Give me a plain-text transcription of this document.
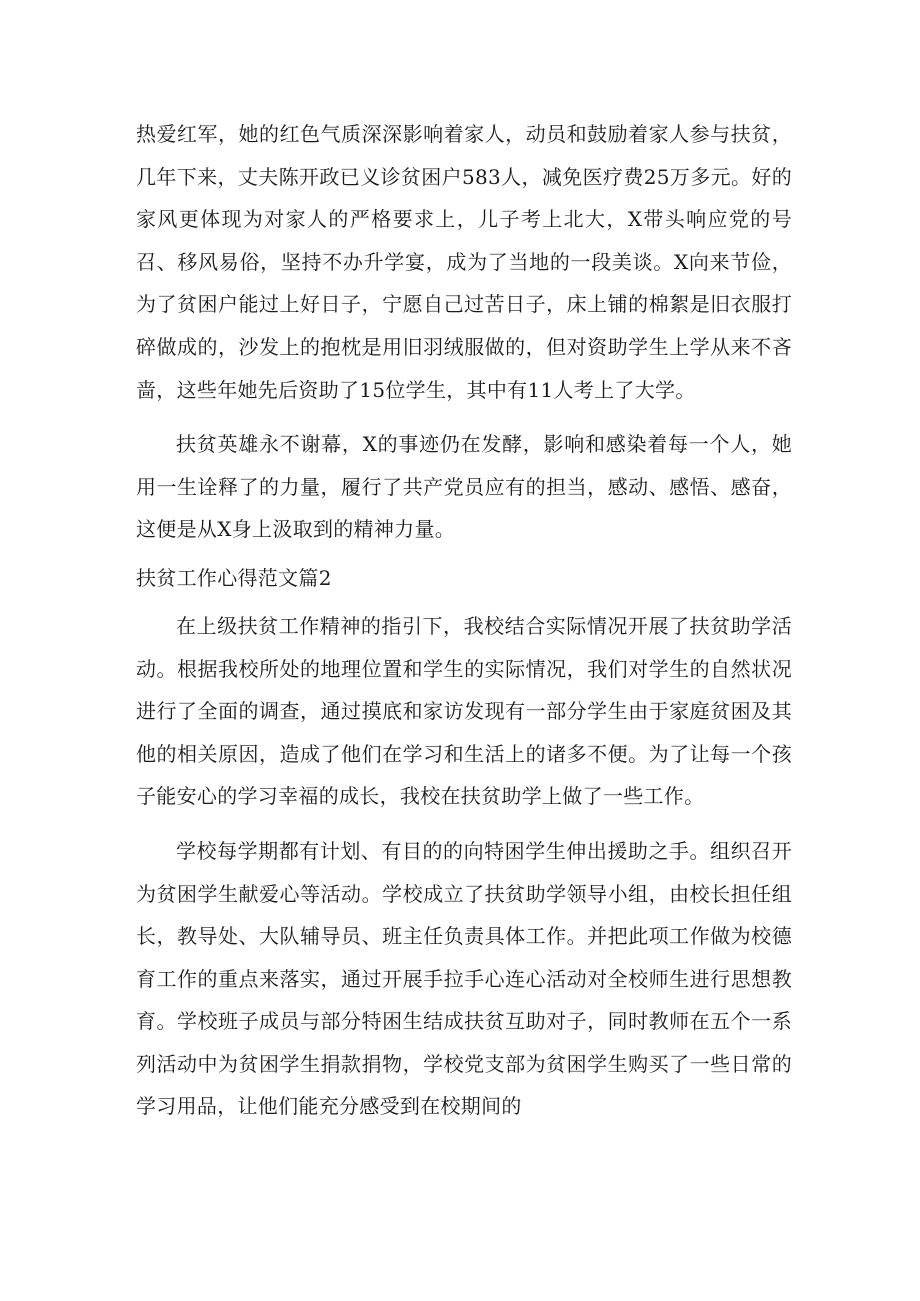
热爱红军，她的红色气质深深影响着家人，动员和鼓励着家人参与扶贫，几年下来，丈夫陈开政已义诊贫困户583人，减免医疗费25万多元。好的家风更体现为对家人的严格要求上，儿子考上北大，X带头响应党的号召、移风易俗，坚持不办升学宴，成为了当地的一段美谈。X向来节俭，为了贫困户能过上好日子，宁愿自己过苦日子，床上铺的棉絮是旧衣服打碎做成的，沙发上的抱枕是用旧羽绒服做的，但对资助学生上学从来不吝啬，这些年她先后资助了15位学生，其中有11人考上了大学。

扶贫英雄永不谢幕，X的事迹仍在发酵，影响和感染着每一个人，她用一生诠释了的力量，履行了共产党员应有的担当，感动、感悟、感奋，这便是从X身上汲取到的精神力量。

扶贫工作心得范文篇2

在上级扶贫工作精神的指引下，我校结合实际情况开展了扶贫助学活动。根据我校所处的地理位置和学生的实际情况，我们对学生的自然状况进行了全面的调查，通过摸底和家访发现有一部分学生由于家庭贫困及其他的相关原因，造成了他们在学习和生活上的诸多不便。为了让每一个孩子能安心的学习幸福的成长，我校在扶贫助学上做了一些工作。

学校每学期都有计划、有目的的向特困学生伸出援助之手。组织召开为贫困学生献爱心等活动。学校成立了扶贫助学领导小组，由校长担任组长，教导处、大队辅导员、班主任负责具体工作。并把此项工作做为校德育工作的重点来落实，通过开展手拉手心连心活动对全校师生进行思想教育。学校班子成员与部分特困生结成扶贫互助对子，同时教师在五个一系列活动中为贫困学生捐款捐物，学校党支部为贫困学生购买了一些日常的学习用品，让他们能充分感受到在校期间的
